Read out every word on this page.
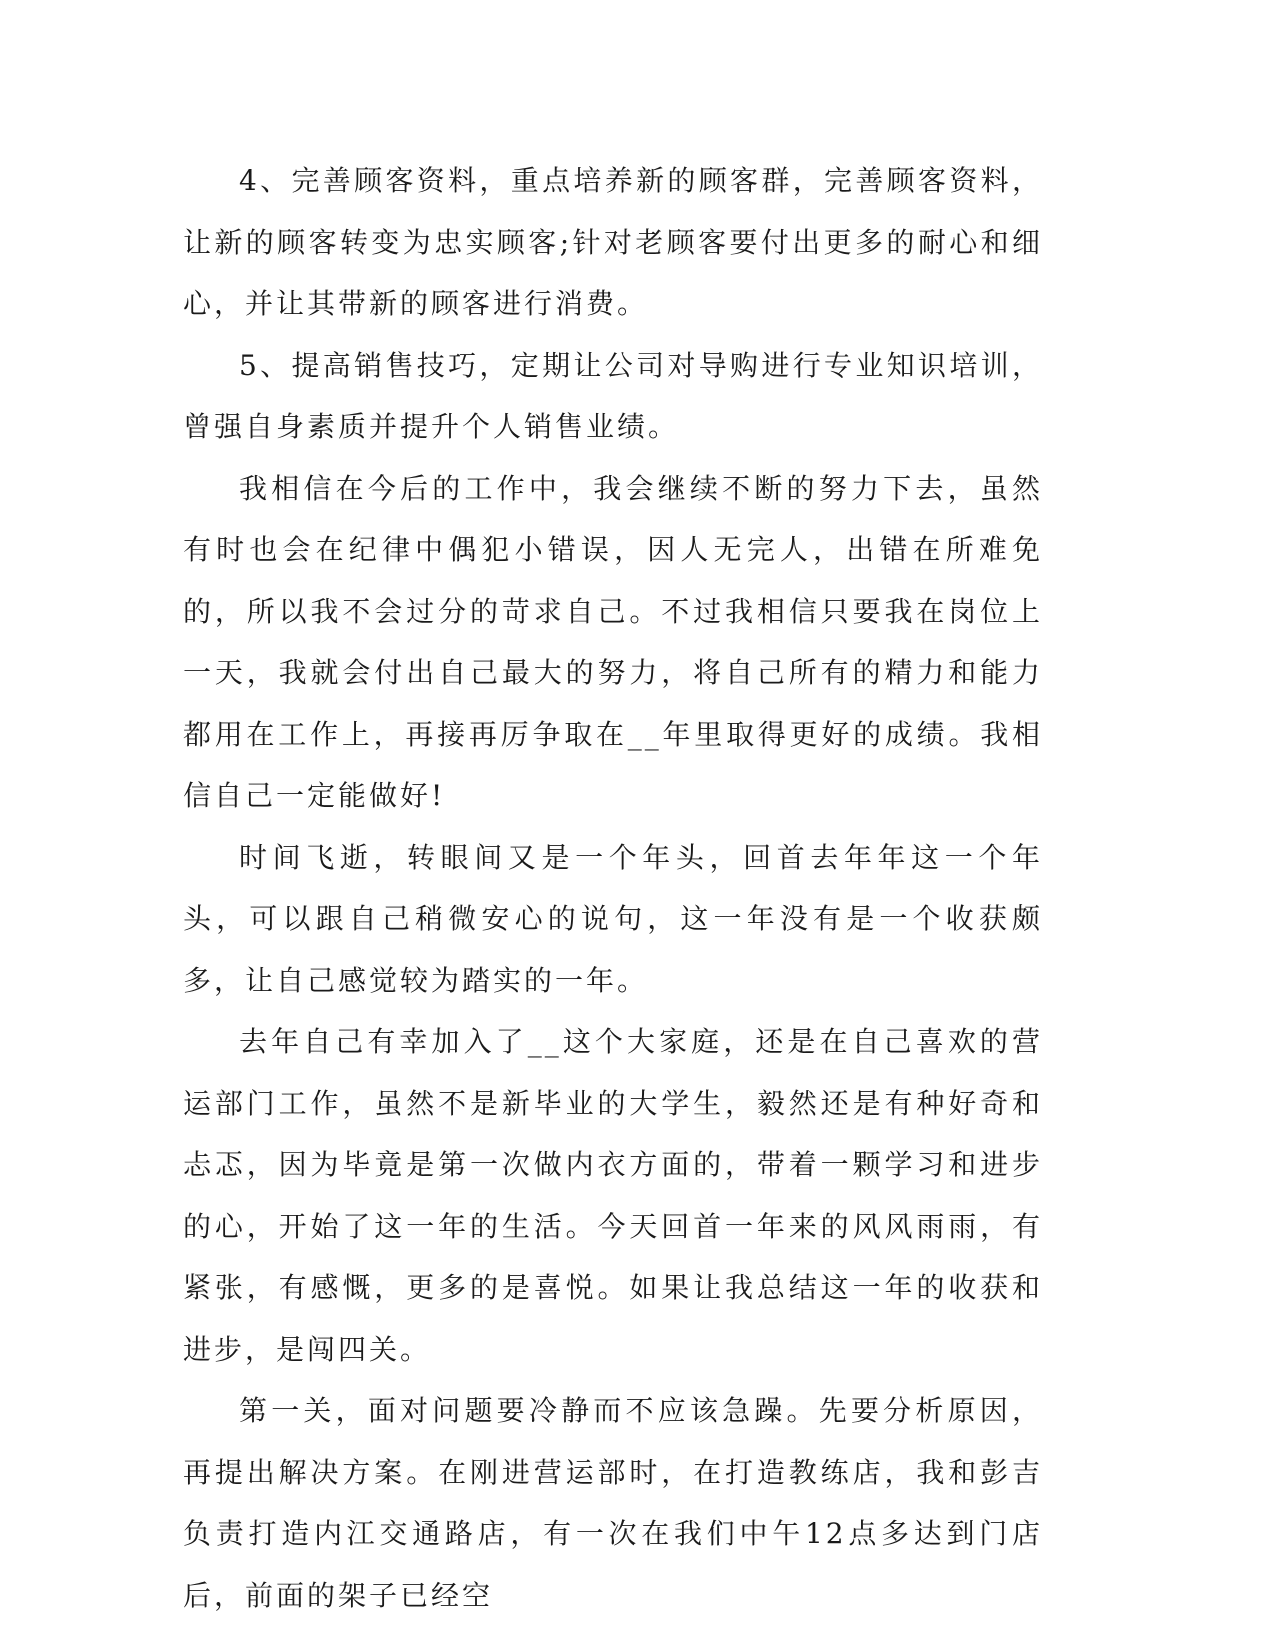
4、完善顾客资料，重点培养新的顾客群，完善顾客资料，让新的顾客转变为忠实顾客;针对老顾客要付出更多的耐心和细心，并让其带新的顾客进行消费。

5、提高销售技巧，定期让公司对导购进行专业知识培训，曾强自身素质并提升个人销售业绩。

我相信在今后的工作中，我会继续不断的努力下去，虽然有时也会在纪律中偶犯小错误，因人无完人，出错在所难免的，所以我不会过分的苛求自己。不过我相信只要我在岗位上一天，我就会付出自己最大的努力，将自己所有的精力和能力都用在工作上，再接再厉争取在__年里取得更好的成绩。我相信自己一定能做好!

时间飞逝，转眼间又是一个年头，回首去年年这一个年头，可以跟自己稍微安心的说句，这一年没有是一个收获颇多，让自己感觉较为踏实的一年。

去年自己有幸加入了__这个大家庭，还是在自己喜欢的营运部门工作，虽然不是新毕业的大学生，毅然还是有种好奇和忐忑，因为毕竟是第一次做内衣方面的，带着一颗学习和进步的心，开始了这一年的生活。今天回首一年来的风风雨雨，有紧张，有感慨，更多的是喜悦。如果让我总结这一年的收获和进步，是闯四关。

第一关，面对问题要冷静而不应该急躁。先要分析原因，再提出解决方案。在刚进营运部时，在打造教练店，我和彭吉负责打造内江交通路店，有一次在我们中午12点多达到门店后，前面的架子已经空
